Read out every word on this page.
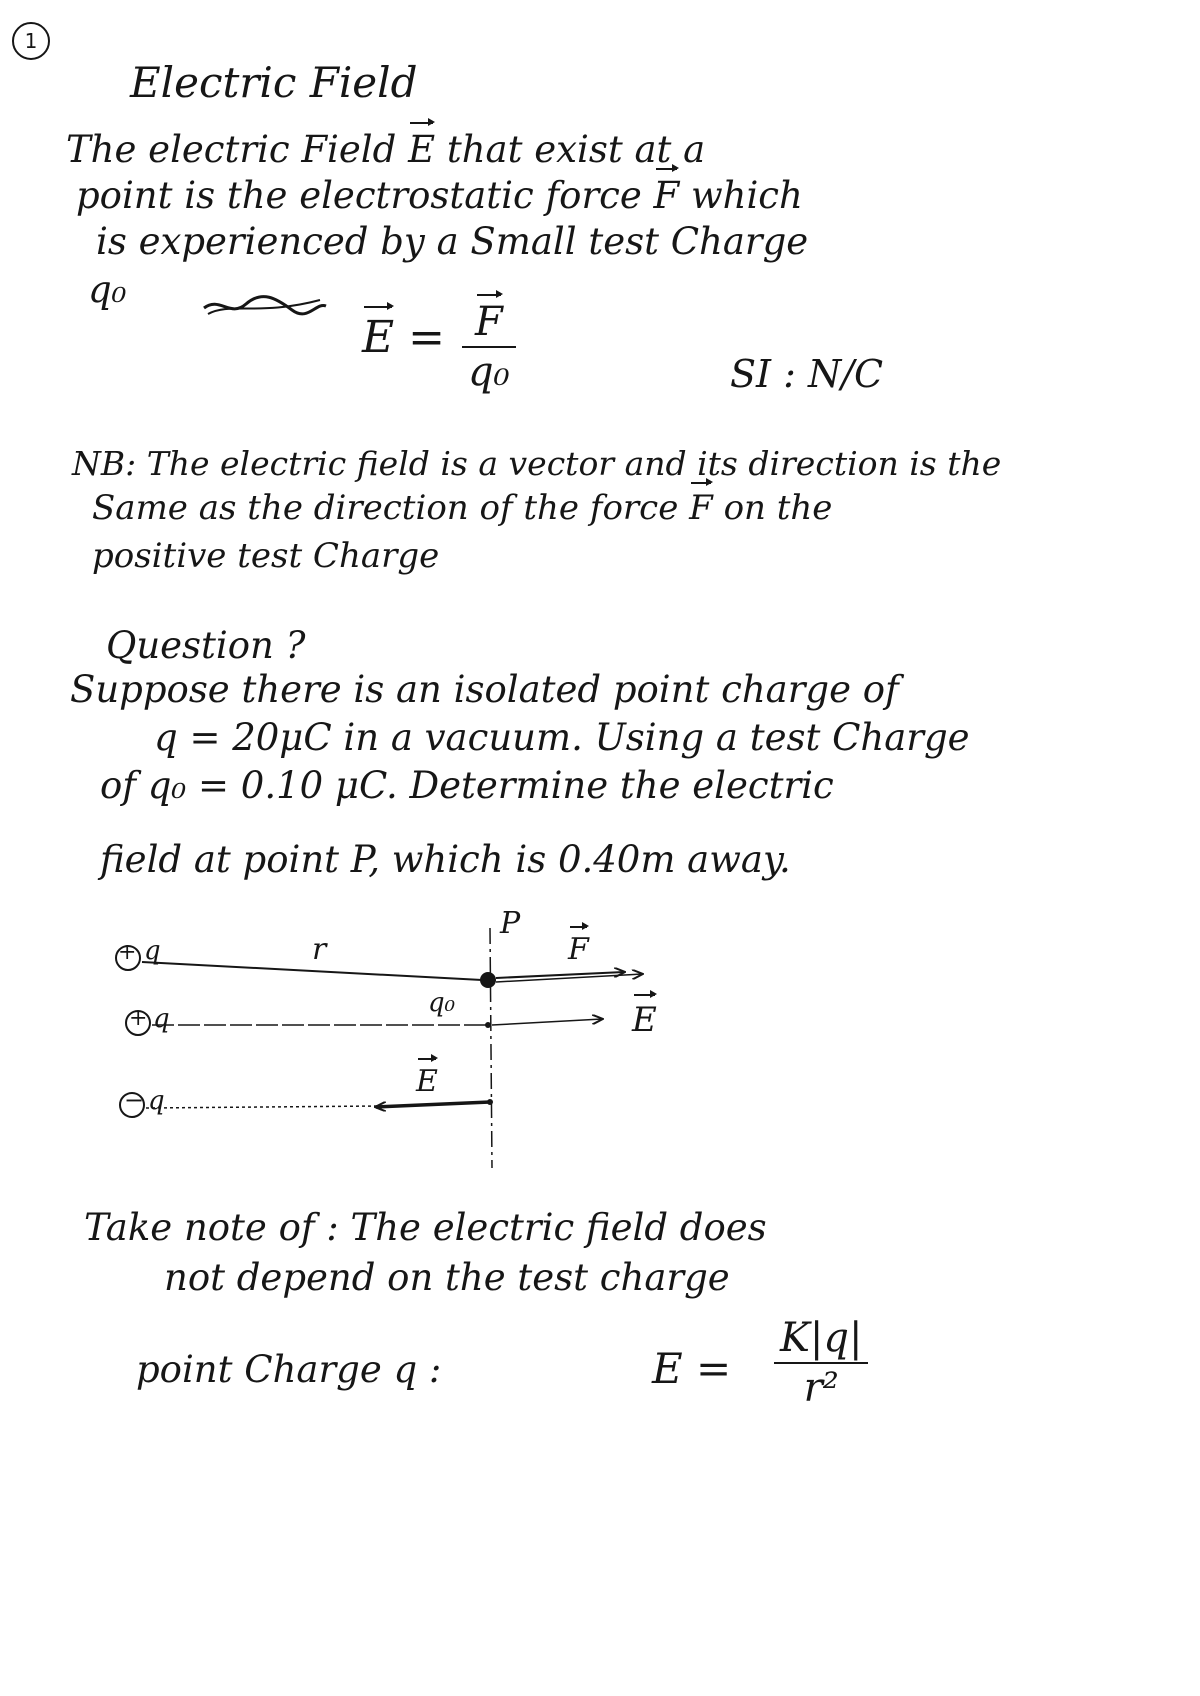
1
Electric Field
The electric Field E that exist at a
point is the electrostatic force F which
is experienced by a Small test Charge
q₀
E = F
q₀	SI : N/C
NB: The electric field is a vector and its direction is the
Same as the direction of the force F on the
positive test Charge
Question ?
Suppose there is an isolated point charge of
q = 20μC in a vacuum. Using a test Charge
of q₀ = 0.10 μC. Determine the electric
field at point P, which is 0.40m away.
+ q	r
P
q₀
F
E
+ q
− q
E
Take note of : The electric field does
not depend on the test charge
point Charge q :	E =
K|q|
r²
